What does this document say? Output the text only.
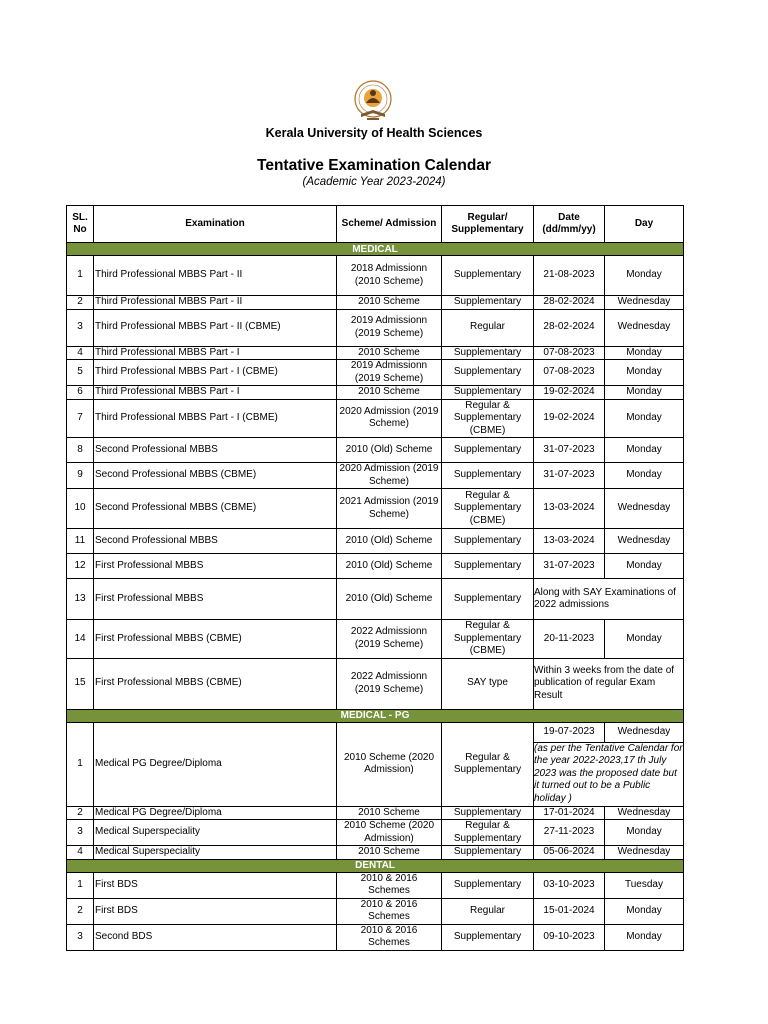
Kerala University of Health Sciences
Tentative Examination Calendar
(Academic Year 2023-2024)
SL. No	Examination	Scheme/ Admission	Regular/ Supplementary	Date (dd/mm/yy)	Day
MEDICAL					
1	Third Professional MBBS Part - II	2018 Admissionn (2010 Scheme)	Supplementary	21-08-2023	Monday
2	Third Professional MBBS Part - II	2010 Scheme	Supplementary	28-02-2024	Wednesday
3	Third Professional MBBS Part - II (CBME)	2019 Admissionn (2019 Scheme)	Regular	28-02-2024	Wednesday
4	Third Professional MBBS Part - I	2010 Scheme	Supplementary	07-08-2023	Monday
5	Third Professional MBBS Part - I (CBME)	2019 Admissionn (2019 Scheme)	Supplementary	07-08-2023	Monday
6	Third Professional MBBS Part - I	2010 Scheme	Supplementary	19-02-2024	Monday
7	Third Professional MBBS Part - I (CBME)	2020 Admission (2019 Scheme)	Regular & Supplementary (CBME)	19-02-2024	Monday
8	Second Professional MBBS	2010 (Old) Scheme	Supplementary	31-07-2023	Monday
9	Second Professional MBBS (CBME)	2020 Admission (2019 Scheme)	Supplementary	31-07-2023	Monday
10	Second Professional MBBS (CBME)	2021 Admission (2019 Scheme)	Regular & Supplementary (CBME)	13-03-2024	Wednesday
11	Second Professional MBBS	2010 (Old) Scheme	Supplementary	13-03-2024	Wednesday
12	First Professional MBBS	2010 (Old) Scheme	Supplementary	31-07-2023	Monday
13	First Professional MBBS	2010 (Old) Scheme	Supplementary	Along with SAY Examinations of 2022 admissions	
14	First Professional MBBS (CBME)	2022 Admissionn (2019 Scheme)	Regular & Supplementary (CBME)	20-11-2023	Monday
15	First Professional MBBS (CBME)	2022 Admissionn (2019 Scheme)	SAY type	Within 3 weeks from the date of publication of regular Exam Result	
MEDICAL - PG					
1	Medical PG Degree/Diploma	2010 Scheme (2020 Admission)	Regular & Supplementary	19-07-2023	Wednesday
				(as per the Tentative Calendar for the year 2022-2023,17 th July 2023 was the proposed date but it turned out to be a Public holiday )	
2	Medical PG Degree/Diploma	2010 Scheme	Supplementary	17-01-2024	Wednesday
3	Medical Superspeciality	2010 Scheme (2020 Admission)	Regular & Supplementary	27-11-2023	Monday
4	Medical Superspeciality	2010 Scheme	Supplementary	05-06-2024	Wednesday
DENTAL					
1	First BDS	2010 & 2016 Schemes	Supplementary	03-10-2023	Tuesday
2	First BDS	2010 & 2016 Schemes	Regular	15-01-2024	Monday
3	Second BDS	2010 & 2016 Schemes	Supplementary	09-10-2023	Monday
